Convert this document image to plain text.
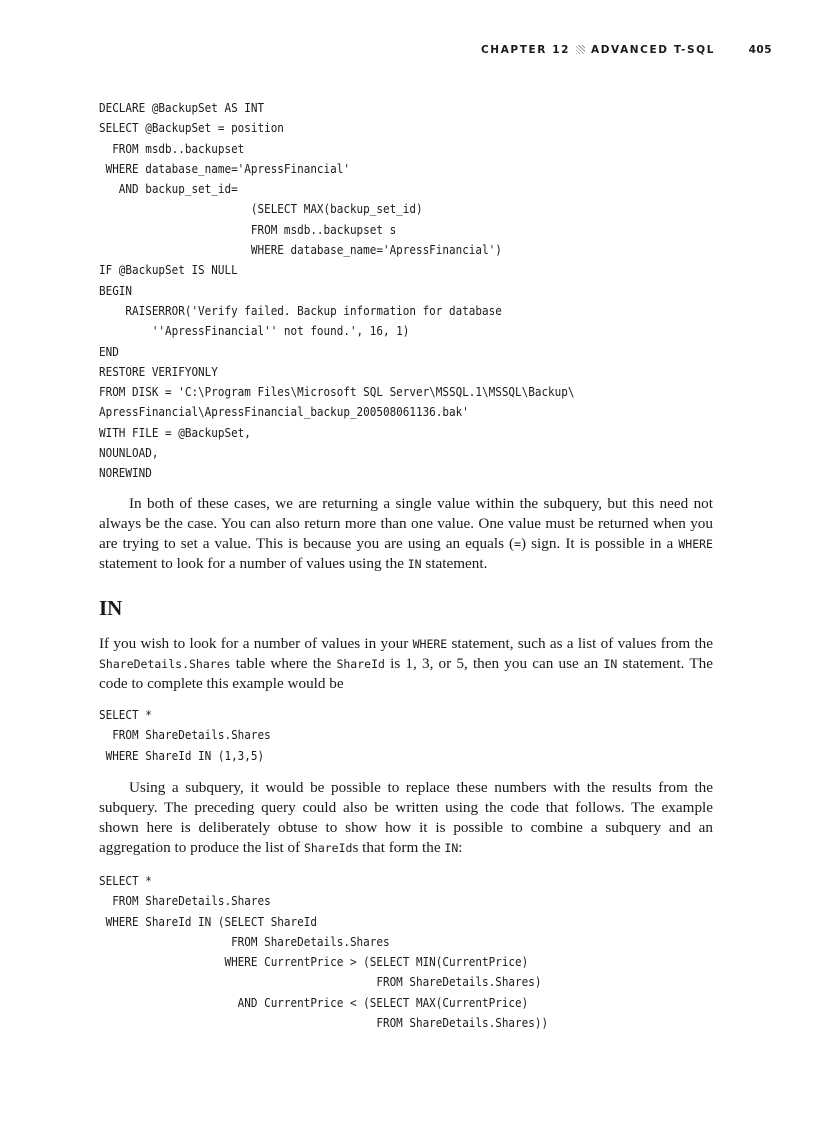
CHAPTER 12 ADVANCED T-SQL	405
DECLARE @BackupSet AS INT
SELECT @BackupSet = position
FROM msdb..backupset
WHERE database_name='ApressFinancial'
AND backup_set_id=
(SELECT MAX(backup_set_id)
FROM msdb..backupset s
WHERE database_name='ApressFinancial')
IF @BackupSet IS NULL
BEGIN
RAISERROR('Verify failed. Backup information for database
''ApressFinancial'' not found.', 16, 1)
END
RESTORE VERIFYONLY
FROM DISK = 'C:\Program Files\Microsoft SQL Server\MSSQL.1\MSSQL\Backup\
ApressFinancial\ApressFinancial_backup_200508061136.bak'
WITH FILE = @BackupSet,
NOUNLOAD,
NOREWIND

In both of these cases, we are returning a single value within the subquery, but this need not always be the case. You can also return more than one value. One value must be returned when you are trying to set a value. This is because you are using an equals (=) sign. It is possible in a WHERE statement to look for a number of values using the IN statement.

IN

If you wish to look for a number of values in your WHERE statement, such as a list of values from the ShareDetails.Shares table where the ShareId is 1, 3, or 5, then you can use an IN statement. The code to complete this example would be

SELECT *
FROM ShareDetails.Shares
WHERE ShareId IN (1,3,5)

Using a subquery, it would be possible to replace these numbers with the results from the subquery. The preceding query could also be written using the code that follows. The example shown here is deliberately obtuse to show how it is possible to combine a subquery and an aggregation to produce the list of ShareIds that form the IN:

SELECT *
FROM ShareDetails.Shares
WHERE ShareId IN (SELECT ShareId
FROM ShareDetails.Shares
WHERE CurrentPrice > (SELECT MIN(CurrentPrice)
FROM ShareDetails.Shares)
AND CurrentPrice < (SELECT MAX(CurrentPrice)
FROM ShareDetails.Shares))
